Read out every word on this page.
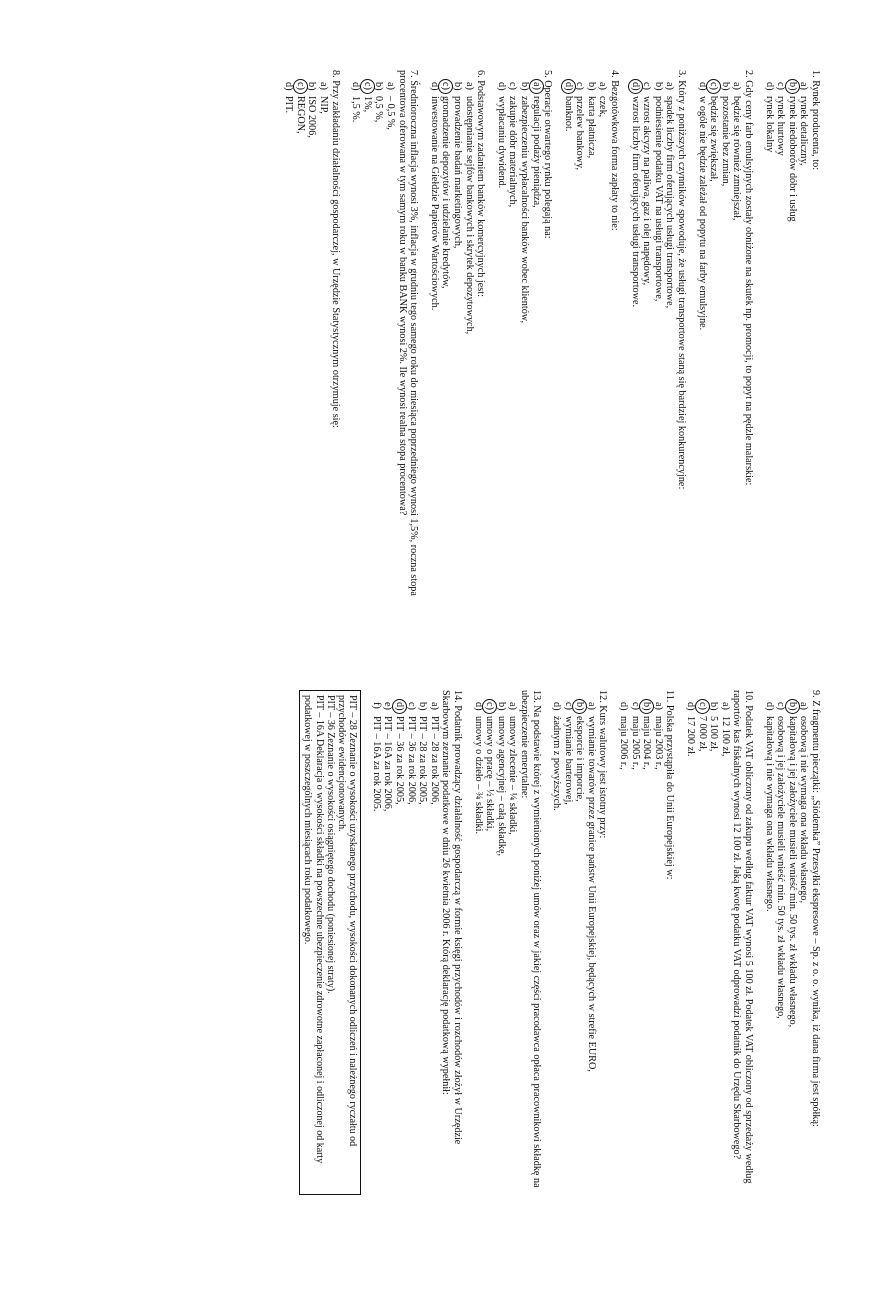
1. Rynek producenta, to:

a)
rynek detaliczny,
b)
rynek niedoborów dóbr i usług
c)
rynek hurtowy
d)
rynek lokalny

2. Gdy ceny farb emulsyjnych zostały obniżone na skutek np. promocji, to popyt na pędzle malarskie:

a)
będzie się również zmniejszał,
b)
pozostanie bez zmian,
c)
będzie się zwiększał,
d)
w ogóle nie będzie zależał od popytu na farby emulsyjne.

3. Który z poniższych czynników spowoduje, że usługi transportowe staną się bardziej konkurencyjne:

a)
spadek liczby firm oferujących usługi transportowe,
b)
podniesienie podatku VAT na usługi transportowe,
c)
wzrost akcyzy na paliwa, gaz i olej napędowy,
d)
wzrost liczby firm oferujących usługi transportowe.

4. Bezgotówkowa forma zapłaty to nie:

a)
czek,
b)
karta płatnicza,
c)
przelew bankowy,
d)
banknot.

5. Operacje otwartego rynku polegają na:

a)
regulacji podaży pieniądza,
b)
zabezpieczeniu wypłacalności banków wobec klientów,
c)
zakupie dóbr materialnych,
d)
wypłacaniu dywidend.

6. Podstawowym zadaniem banków komercyjnych jest:

a)
udostępnianie sejfów bankowych i skrytek depozytowych,
b)
prowadzenie badań marketingowych,
c)
gromadzenie depozytów i udzielanie kredytów,
d)
inwestowanie na Giełdzie Papierów Wartościowych.

7. Średnioroczna inflacja wynosi 3%, inflacja w grudniu tego samego roku do miesiąca poprzedniego wynosi 1,5%, roczna stopa procentowa oferowana w tym samym roku w banku BANK wynosi 2%. Ile wynosi realna stopa procentowa?

a)
– 0,5 %,
b)
0,5 %,
c)
1%,
d)
1,5 %.

8. Przy zakładaniu działalności gospodarczej, w Urzędzie Statystycznym otrzymuje się:

a)
NIP,
b)
ISO 2006,
c)
REGON,
d)
PIT.

9. Z fragmentu pieczątki: „Siódemka” Przesyłki ekspresowe – Sp. z o. o. wynika, iż dana firma jest spółką:

a)
osobową i nie wymaga ona wkładu własnego,
b)
kapitałową i jej założyciele musieli wnieść min. 50 tys. zł wkładu własnego,
c)
osobową i jej założyciele musieli wnieść min. 50 tys. zł wkładu własnego,
d)
kapitałową i nie wymaga ona wkładu własnego.

10. Podatek VAT obliczony od zakupu według faktur VAT wynosi 5 100 zł. Podatek VAT obliczony od sprzedaży według raportów kas fiskalnych wynosi 12 100 zł. Jaką kwotę podatku VAT odprowadzi podatnik do Urzędu Skarbowego?

a)
12 100 zł,
b)
5 100 zł,
c)
7 000 zł,
d)
17 200 zł.

11. Polska przystąpiła do Unii Europejskiej w:

a)
maju 2003 r.,
b)
maju 2004 r.,
c)
maju 2005 r.,
d)
maju 2006 r.,

12. Kurs walutowy jest istotny przy:

a)
wymianie towarów przez granice państw Unii Europejskiej, będących w strefie EURO,
b)
eksporcie i imporcie,
c)
wymianie barterowej,
d)
żadnym z powyższych.

13. Na podstawie której z wymienionych poniżej umów oraz w jakiej części pracodawca opłaca pracownikowi składkę na ubezpieczenie emerytalne:

a)
umowy zlecenie – ¼ składki,
b)
umowy agencyjnej – całą składkę,
c)
umowy o pracę – ½ składki,
d)
umowy o dzieło – ¾ składki.

14. Podatnik prowadzący działalność gospodarczą w formie księgi przychodów i rozchodów złożył w Urzędzie Skarbowym zeznanie podatkowe w dniu 26 kwietnia 2006 r. Którą deklarację podatkową wypełnił:

a)
PIT – 28 za rok 2006,
b)
PIT – 28 za rok 2005,
c)
PIT – 36 za rok 2006,
d)
PIT – 36 za rok 2005,
e)
PIT – 16A za rok 2006,
f)
PIT – 16A za rok 2005.

PIT – 28 Zeznanie o wysokości uzyskanego przychodu, wysokości dokonanych odliczeń i należnego ryczałtu od przychodów ewidencjonowanych.

PIT – 36 Zeznanie o wysokości osiągniętego dochodu (poniesionej straty).

PIT – 16A Deklaracja o wysokości składki na powszechne ubezpieczenie zdrowotne zapłaconej i odliczonej od karty podatkowej w poszczególnych miesiącach roku podatkowego.
